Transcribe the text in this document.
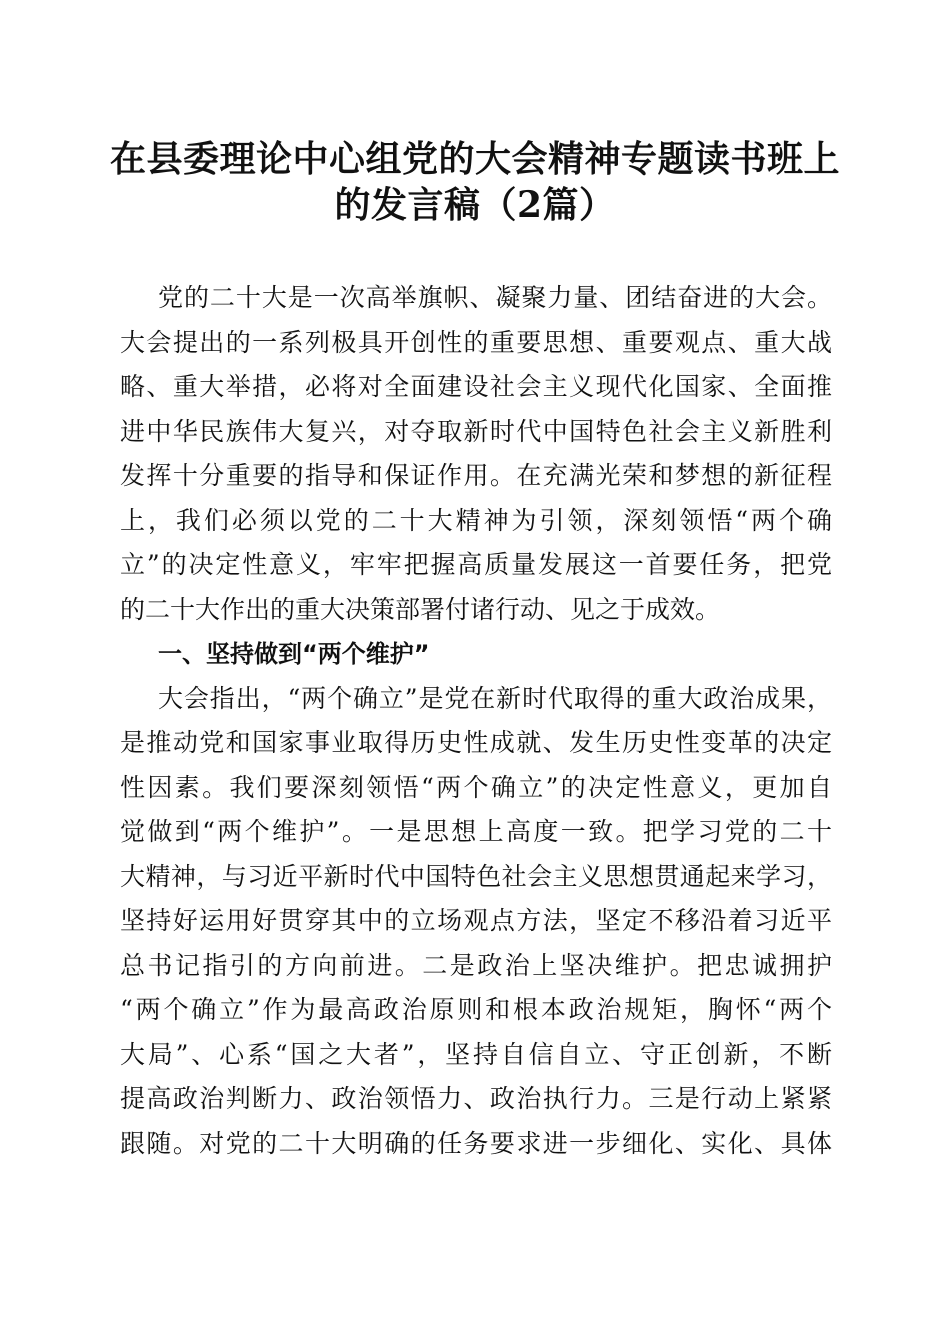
在县委理论中心组党的大会精神专题读书班上
的发言稿（2篇）
党的二十大是一次高举旗帜、凝聚力量、团结奋进的大会。
大会提出的一系列极具开创性的重要思想、重要观点、重大战
略、重大举措，必将对全面建设社会主义现代化国家、全面推
进中华民族伟大复兴，对夺取新时代中国特色社会主义新胜利
发挥十分重要的指导和保证作用。在充满光荣和梦想的新征程
上，我们必须以党的二十大精神为引领，深刻领悟“两个确
立”的决定性意义，牢牢把握高质量发展这一首要任务，把党
的二十大作出的重大决策部署付诸行动、见之于成效。
一、坚持做到“两个维护”
大会指出，“两个确立”是党在新时代取得的重大政治成果，
是推动党和国家事业取得历史性成就、发生历史性变革的决定
性因素。我们要深刻领悟“两个确立”的决定性意义，更加自
觉做到“两个维护”。一是思想上高度一致。把学习党的二十
大精神，与习近平新时代中国特色社会主义思想贯通起来学习，
坚持好运用好贯穿其中的立场观点方法，坚定不移沿着习近平
总书记指引的方向前进。二是政治上坚决维护。把忠诚拥护
“两个确立”作为最高政治原则和根本政治规矩，胸怀“两个
大局”、心系“国之大者”，坚持自信自立、守正创新，不断
提高政治判断力、政治领悟力、政治执行力。三是行动上紧紧
跟随。对党的二十大明确的任务要求进一步细化、实化、具体
